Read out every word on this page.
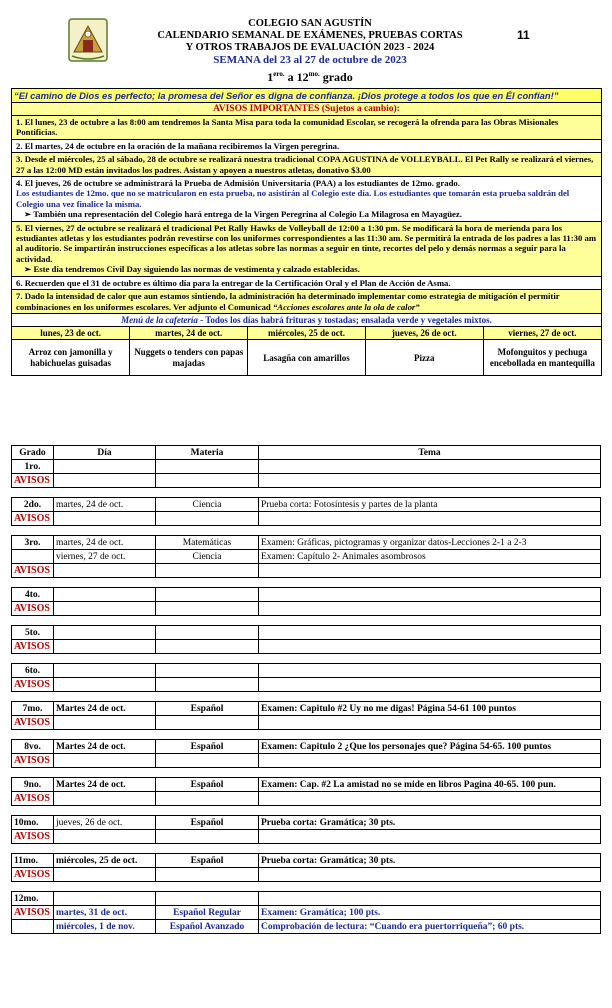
11
COLEGIO SAN AGUSTÍN
CALENDARIO SEMANAL DE EXÁMENES, PRUEBAS CORTAS
Y OTROS TRABAJOS DE EVALUACIÓN 2023 - 2024
SEMANA del 23 al 27 de octubre de 2023
$1^{ero.}$ a $12^{mo.}$ grado
“El camino de Dios es perfecto; la promesa del Señor es digna de confianza. ¡Dios protege a todos los que en Él confían!”
AVISOS IMPORTANTES (Sujetos a cambio):
1. El lunes, 23 de octubre a las 8:00 am tendremos la Santa Misa para toda la comunidad Escolar, se recogerá la ofrenda para las Obras Misionales Pontificias.
2. El martes, 24 de octubre en la oración de la mañana recibiremos la Virgen peregrina.
3. Desde el miércoles, 25 al sábado, 28 de octubre se realizará nuestra tradicional COPA AGUSTINA de VOLLEYBALL. El Pet Rally se realizará el viernes, 27 a las 12:00 MD están invitados los padres. Asistan y apoyen a nuestros atletas, donativo $3.00
4. El jueves, 26 de octubre se administrará la Prueba de Admisión Universitaria (PAA) a los estudiantes de 12mo. grado.
Los estudiantes de 12mo. que no se matricularon en esta prueba, no asistirán al Colegio este día. Los estudiantes que tomarán esta prueba saldrán del Colegio una vez finalice la misma.
➢ También una representación del Colegio hará entrega de la Virgen Peregrina al Colegio La Milagrosa en Mayagüez.
5. El viernes, 27 de octubre se realizará el tradicional Pet Rally Hawks de Volleyball de 12:00 a 1:30 pm. Se modificará la hora de merienda para los estudiantes atletas y los estudiantes podrán revestirse con los uniformes correspondientes a las 11:30 am. Se permitirá la entrada de los padres a las 11:30 am al auditorio. Se impartirán instrucciones específicas a los atletas sobre las normas a seguir en tinte, recortes del pelo y demás normas a seguir para la actividad.
➢ Este día tendremos Civil Day siguiendo las normas de vestimenta y calzado establecidas.
6. Recuerden que el 31 de octubre es último día para la entregar de la Certificación Oral y el Plan de Acción de Asma.
7. Dado la intensidad de calor que aun estamos sintiendo, la administración ha determinado implementar como estrategia de mitigación el permitir combinaciones en los uniformes escolares. Ver adjunto el Comunicad “Acciones escolares ante la ola de calor”
Menú de la cafetería - Todos los días habrá frituras y tostadas; ensalada verde y vegetales mixtos.
lunes, 23 de oct.	martes, 24 de oct.	miércoles, 25 de oct.	jueves, 26 de oct.	viernes, 27 de oct.
Arroz con jamonilla y habichuelas guisadas	Nuggets o tenders con papas majadas	Lasagña con amarillos	Pizza	Mofonguitos y pechuga encebollada en mantequilla
Grado	Día	Materia	Tema
1ro.			
AVISOS			

2do.	martes, 24 de oct.	Ciencia	Prueba corta: Fotosíntesis y partes de la planta
AVISOS			

3ro.	martes, 24 de oct.	Matemáticas	Examen: Gráficas, pictogramas y organizar datos-Lecciones 2-1 a 2-3
	viernes, 27 de oct.	Ciencia	Examen: Capítulo 2- Animales asombrosos
AVISOS			

4to.			
AVISOS			

5to.			
AVISOS			

6to.			
AVISOS			

7mo.	Martes 24 de oct.	Español	Examen: Capitulo #2 Uy no me digas! Página 54-61 100 puntos
AVISOS			

8vo.	Martes 24 de oct.	Español	Examen: Capitulo 2 ¿Que los personajes que? Página 54-65. 100 puntos
AVISOS			

9no.	Martes 24 de oct.	Español	Examen: Cap. #2 La amistad no se mide en libros Pagina 40-65. 100 pun.
AVISOS			

10mo.	jueves, 26 de oct.	Español	Prueba corta: Gramática; 30 pts.
AVISOS			

11mo.	miércoles, 25 de oct.	Español	Prueba corta: Gramática; 30 pts.
AVISOS			

12mo.			
AVISOS	martes, 31 de oct.	Español Regular	Examen: Gramática; 100 pts.
	miércoles, 1 de nov.	Español Avanzado	Comprobación de lectura: “Cuando era puertorriqueña”; 60 pts.
